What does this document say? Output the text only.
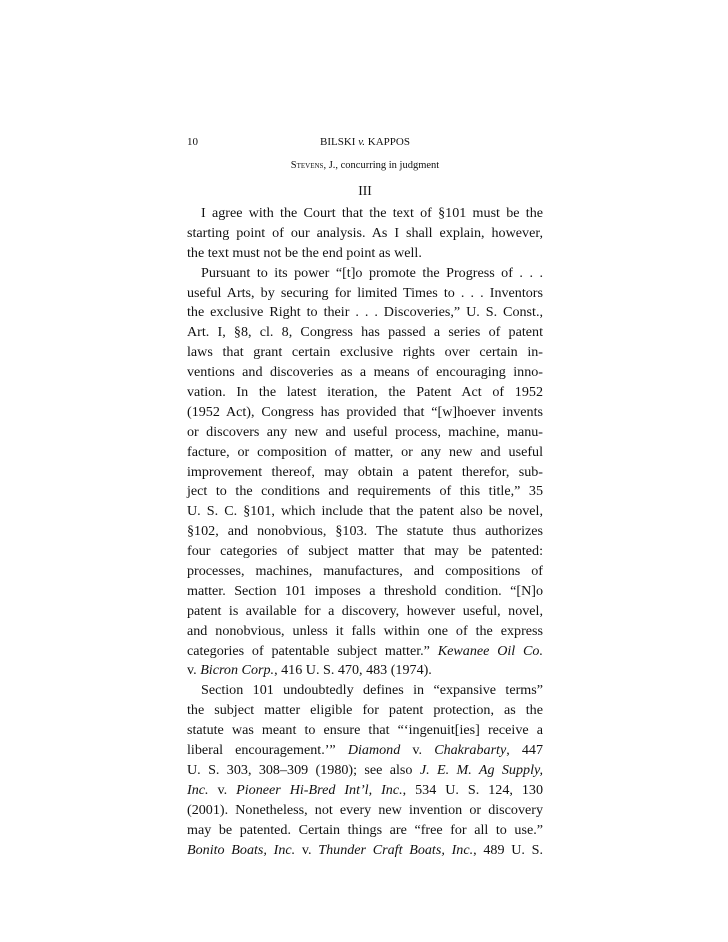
10	BILSKI v. KAPPOS
Stevens, J., concurring in judgment
III
I agree with the Court that the text of §101 must be the
starting point of our analysis. As I shall explain, however,
the text must not be the end point as well.
Pursuant to its power “[t]o promote the Progress of . . .
useful Arts, by securing for limited Times to . . . Inventors
the exclusive Right to their . . . Discoveries,” U. S. Const.,
Art. I, §8, cl. 8, Congress has passed a series of patent
laws that grant certain exclusive rights over certain in-
ventions and discoveries as a means of encouraging inno-
vation. In the latest iteration, the Patent Act of 1952
(1952 Act), Congress has provided that “[w]hoever invents
or discovers any new and useful process, machine, manu-
facture, or composition of matter, or any new and useful
improvement thereof, may obtain a patent therefor, sub-
ject to the conditions and requirements of this title,” 35
U. S. C. §101, which include that the patent also be novel,
§102, and nonobvious, §103. The statute thus authorizes
four categories of subject matter that may be patented:
processes, machines, manufactures, and compositions of
matter. Section 101 imposes a threshold condition. “[N]o
patent is available for a discovery, however useful, novel,
and nonobvious, unless it falls within one of the express
categories of patentable subject matter.” Kewanee Oil Co.
v. Bicron Corp., 416 U. S. 470, 483 (1974).
Section 101 undoubtedly defines in “expansive terms”
the subject matter eligible for patent protection, as the
statute was meant to ensure that “‘ingenuit[ies] receive a
liberal encouragement.’” Diamond v. Chakrabarty, 447
U. S. 303, 308–309 (1980); see also J. E. M. Ag Supply,
Inc. v. Pioneer Hi-Bred Int’l, Inc., 534 U. S. 124, 130
(2001). Nonetheless, not every new invention or discovery
may be patented. Certain things are “free for all to use.”
Bonito Boats, Inc. v. Thunder Craft Boats, Inc., 489 U. S.
